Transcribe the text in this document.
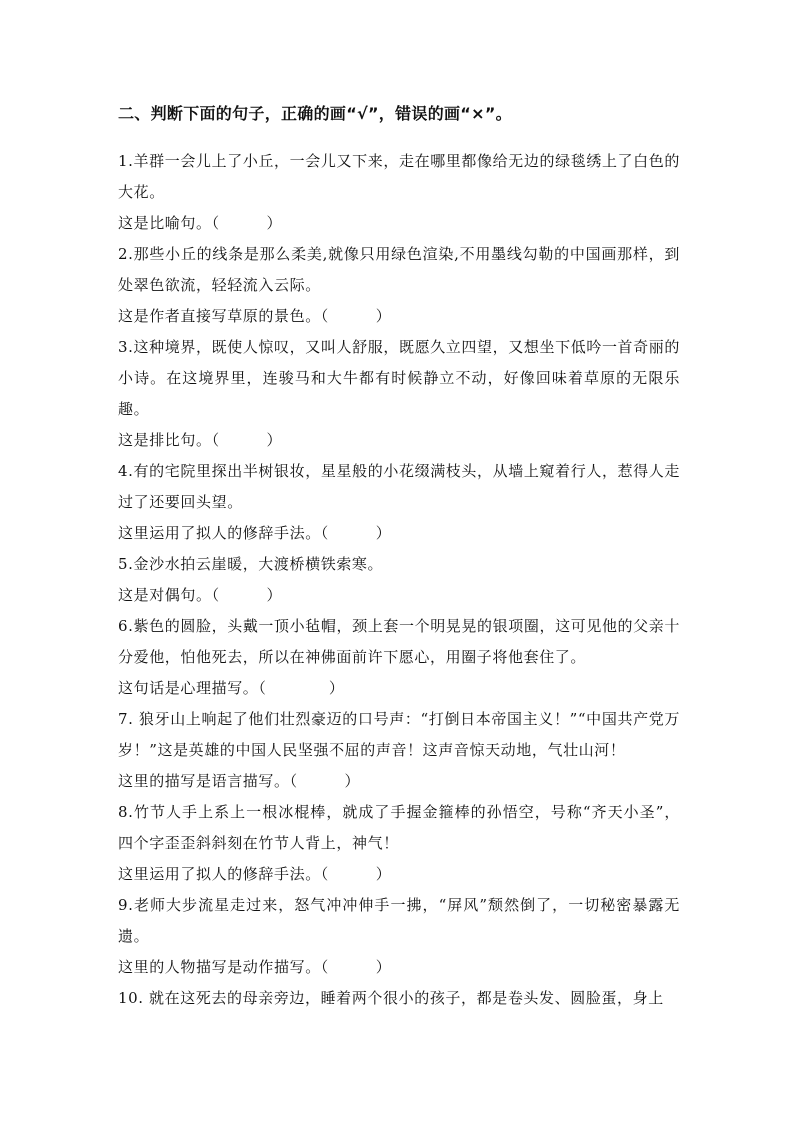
二、判断下面的句子，正确的画“√”，错误的画“×”。
1.羊群一会儿上了小丘，一会儿又下来，走在哪里都像给无边的绿毯绣上了白色的大花。
这是比喻句。（　　　）
2.那些小丘的线条是那么柔美,就像只用绿色渲染,不用墨线勾勒的中国画那样，到处翠色欲流，轻轻流入云际。
这是作者直接写草原的景色。（　　　）
3.这种境界，既使人惊叹，又叫人舒服，既愿久立四望，又想坐下低吟一首奇丽的小诗。在这境界里，连骏马和大牛都有时候静立不动，好像回味着草原的无限乐趣。
这是排比句。（　　　）
4.有的宅院里探出半树银妆，星星般的小花缀满枝头，从墙上窥着行人，惹得人走过了还要回头望。
这里运用了拟人的修辞手法。（　　　）
5.金沙水拍云崖暖，大渡桥横铁索寒。
这是对偶句。（　　　）
6.紫色的圆脸，头戴一顶小毡帽，颈上套一个明晃晃的银项圈，这可见他的父亲十分爱他，怕他死去，所以在神佛面前许下愿心，用圈子将他套住了。
这句话是心理描写。（　　　　）
7. 狼牙山上响起了他们壮烈豪迈的口号声：“打倒日本帝国主义！”“中国共产党万岁！”这是英雄的中国人民坚强不屈的声音！这声音惊天动地，气壮山河！
这里的描写是语言描写。（　　　）
8.竹节人手上系上一根冰棍棒，就成了手握金箍棒的孙悟空，号称“齐天小圣”，四个字歪歪斜斜刻在竹节人背上，神气！
这里运用了拟人的修辞手法。（　　　）
9.老师大步流星走过来，怒气冲冲伸手一拂，“屏风”颓然倒了，一切秘密暴露无遗。
这里的人物描写是动作描写。（　　　）
10. 就在这死去的母亲旁边，睡着两个很小的孩子，都是卷头发、圆脸蛋，身上
